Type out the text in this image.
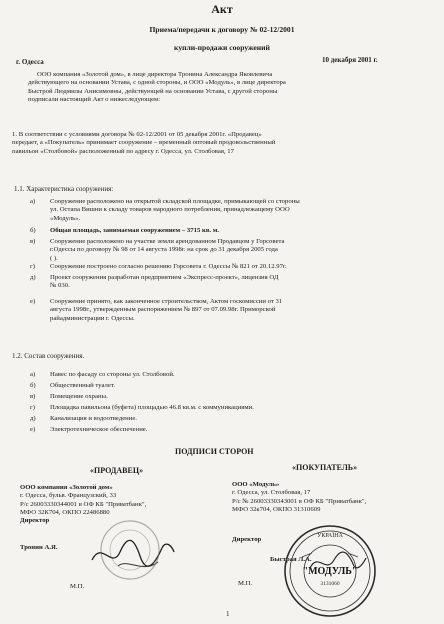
Акт
Приема/передачи к договору № 02-12/2001
купли-продажи сооружений
г. Одесса	10 декабря 2001 г.
ООО компания «Золотой дом», в лице директора Тронина Александра Яковлевича
действующего на основании Устава, с одной стороны, и ООО «Модуль», в лице директора
Быстрой Людмилы Анисимовны, действующей на основании Устава, с другой стороны
подписали настоящий Акт о нижеследующем:
1. В соответствии с условиями договора № 02-12/2001 от 05 декабря 2001г. «Продавец»
передает, а «Покупатель» принимает сооружение – временный оптовый продовольственный
павильон «Столбовой» расположенный по адресу г. Одесса, ул. Столбовая, 17
1.1. Характеристика сооружения:
а) Сооружение расположено на открытой складской площадке, примыкающей со стороны
ул. Остапа Вишни к складу товаров народного потребления, принадлежащему ООО
«Модуль».
б) Общая площадь, занимаемая сооружением – 3715 кв. м.
в) Сооружение расположено на участке земли арендованном Продавцом у Горсовета
г.Одессы по договору № 98 от 14 августа 1998г. на срок до 31 декабря 2005 года
( ).
г) Сооружение построено согласно решению Горсовета г. Одессы № 821 от 20.12.97г.
д) Проект сооружения разработан предприятием «Экспресс-проект», лицензия ОД
№ 030.
е) Сооружение принято, как законченное строительством, Актом госкомиссии от 31
августа 1998г., утвержденным распоряжением № 897 от 07.09.98г. Приморской
райадминистрации г. Одессы.
1.2. Состав сооружения.
а) Навес по фасаду со стороны ул. Столбовой.
б) Общественный туалет.
в) Помещение охраны.
г) Площадка павильона (буфета) площадью 46.8 кв.м. с коммуникациями.
д) Канализация и водоотведение.
е) Электротехническое обеспечение.
ПОДПИСИ СТОРОН
«ПРОДАВЕЦ»
ООО компания «Золотой дом»
г. Одесса, бульв. Французский, 33
Р/с 26003330344001 в ОФ КБ "Приватбанк",
МФО 32К704, ОКПО 22486880
Директор
Тронин А.Я.
М.П.
«ПОКУПАТЕЛЬ»
ООО «Модуль»
г. Одесса, ул. Столбовая, 17
Р/с № 26003330343001 в ОФ КБ "Приватбанк",
МФО 32к704, ОКПО 31310609
Директор
Быстрая Л.А.
М.П.
УКРАЇНА
"МОДУЛЬ"
3131060
1
